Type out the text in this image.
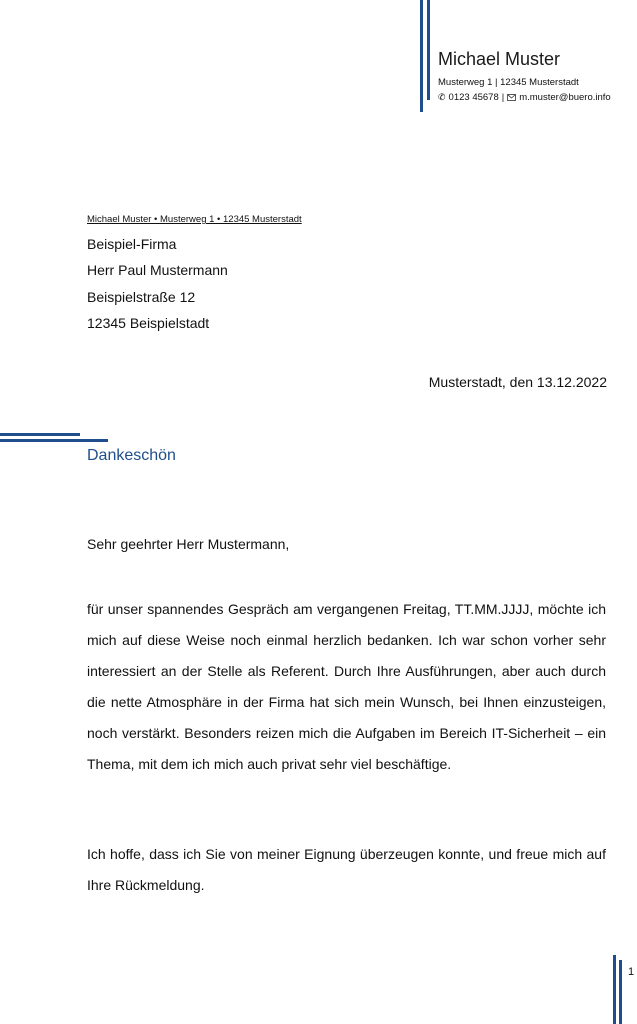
Michael Muster
Musterweg 1 | 12345 Musterstadt
✆ 0123 45678 | m.muster@buero.info
Michael Muster • Musterweg 1 • 12345 Musterstadt
Beispiel-Firma
Herr Paul Mustermann
Beispielstraße 12
12345 Beispielstadt
Musterstadt, den 13.12.2022
Dankeschön
Sehr geehrter Herr Mustermann,

für unser spannendes Gespräch am vergangenen Freitag, TT.MM.JJJJ, möchte ich mich auf diese Weise noch einmal herzlich bedanken. Ich war schon vorher sehr interessiert an der Stelle als Referent. Durch Ihre Ausführungen, aber auch durch die nette Atmosphäre in der Firma hat sich mein Wunsch, bei Ihnen einzusteigen, noch verstärkt. Besonders reizen mich die Aufgaben im Bereich IT-Sicherheit – ein Thema, mit dem ich mich auch privat sehr viel beschäftige.

Ich hoffe, dass ich Sie von meiner Eignung überzeugen konnte, und freue mich auf Ihre Rückmeldung.

1
